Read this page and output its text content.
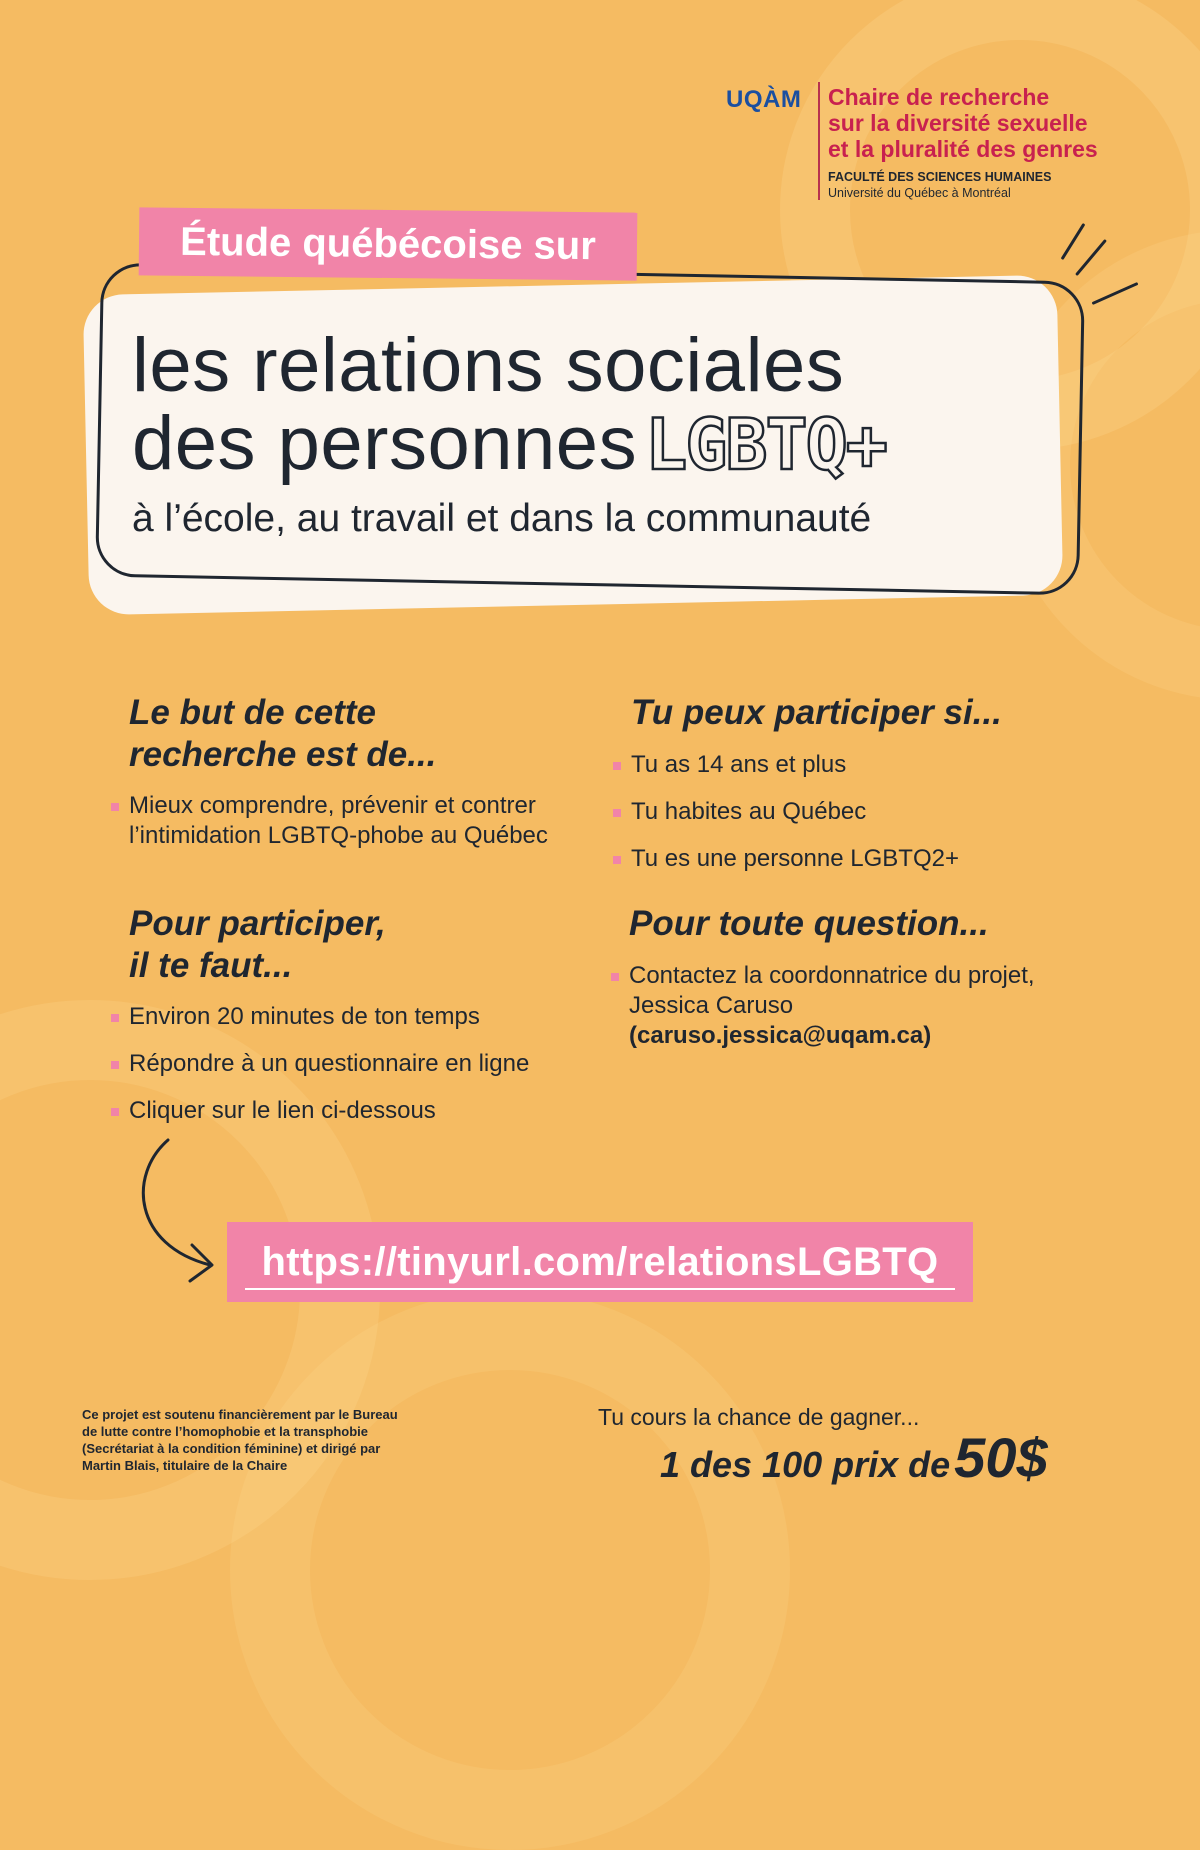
UQÀM Chaire de recherche
sur la diversité sexuelle
et la pluralité des genres
FACULTÉ DES SCIENCES HUMAINES
Université du Québec à Montréal
Étude québécoise sur
les relations sociales
des personnes LGBTQ+
à l’école, au travail et dans la communauté
Le but de cette
recherche est de...
Mieux comprendre, prévenir et contrer
l’intimidation LGBTQ-phobe au Québec
Tu peux participer si...
Tu as 14 ans et plus
Tu habites au Québec
Tu es une personne LGBTQ2+
Pour participer,
il te faut...
Environ 20 minutes de ton temps
Répondre à un questionnaire en ligne
Cliquer sur le lien ci-dessous
Pour toute question...
Contactez la coordonnatrice du projet,
Jessica Caruso
(caruso.jessica@uqam.ca)
https://tinyurl.com/relationsLGBTQ
Ce projet est soutenu financièrement par le Bureau
de lutte contre l’homophobie et la transphobie
(Secrétariat à la condition féminine) et dirigé par
Martin Blais, titulaire de la Chaire
Tu cours la chance de gagner...
1 des 100 prix de50$
